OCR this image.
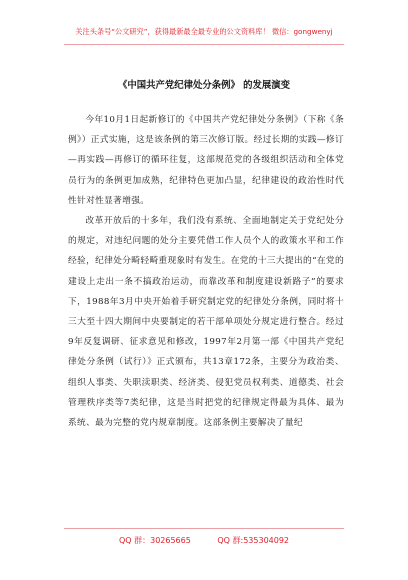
关注头条号“公文研究”，获得最新最全最专业的公文资料库！ 微信：gongwenyj
《中国共产党纪律处分条例》 的发展演变

今年10月1日起新修订的《中国共产党纪律处分条例》（下称《条例》）正式实施，这是该条例的第三次修订版。经过长期的实践—修订—再实践—再修订的循环往复，这部规范党的各级组织活动和全体党员行为的条例更加成熟，纪律特色更加凸显，纪律建设的政治性时代性针对性显著增强。

改革开放后的十多年，我们没有系统、全面地制定关于党纪处分的规定，对违纪问题的处分主要凭借工作人员个人的政策水平和工作经验，纪律处分畸轻畸重现象时有发生。在党的十三大提出的“在党的建设上走出一条不搞政治运动，而靠改革和制度建设新路子”的要求下，1988年3月中央开始着手研究制定党的纪律处分条例，同时将十三大至十四大期间中央要制定的若干部单项处分规定进行整合。经过9年反复调研、征求意见和修改，1997年2月第一部《中国共产党纪律处分条例（试行）》正式颁布，共13章172条，主要分为政治类、组织人事类、失职渎职类、经济类、侵犯党员权利类、道德类、社会管理秩序类等7类纪律，这是当时把党的纪律规定得最为具体、最为系统、最为完整的党内规章制度。这部条例主要解决了量纪

QQ 群：30265665	QQ 群:535304092
